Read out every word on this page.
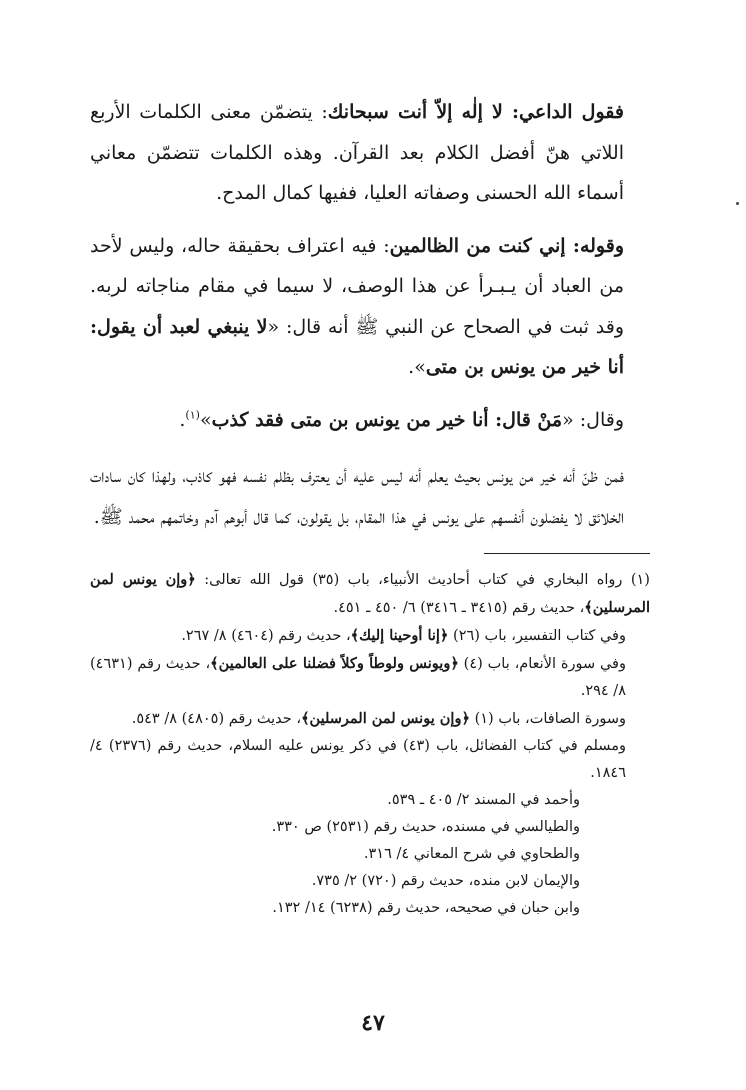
فقول الداعي: لا إلٰه إلاّ أنت سبحانك: يتضمّن معنى الكلمات الأربع اللاتي هنّ أفضل الكلام بعد القرآن. وهذه الكلمات تتضمّن معاني أسماء الله الحسنى وصفاته العليا، ففيها كمال المدح.

وقوله: إني كنت من الظالمين: فيه اعتراف بحقيقة حاله، وليس لأحد من العباد أن يـبـرأ عن هذا الوصف، لا سيما في مقام مناجاته لربه. وقد ثبت في الصحاح عن النبي ﷺ أنه قال: «لا ينبغي لعبد أن يقول: أنا خير من يونس بن متى».

وقال: «مَنْ قال: أنا خير من يونس بن متى فقد كذب»$^{(١)}$.

فمن ظنّ أنه خير من يونس بحيث يعلم أنه ليس عليه أن يعترف بظلم نفسه فهو كاذب، ولهذا كان سادات الخلائق لا يفضلون أنفسهم على يونس في هذا المقام، بل يقولون، كما قال أبوهم آدم وخاتمهم محمد ﷺ.

(١) رواه البخاري في كتاب أحاديث الأنبياء، باب (٣٥) قول الله تعالى: ﴿وإن يونس لمن المرسلين﴾، حديث رقم (٣٤١٥ ـ ٣٤١٦) ٦/ ٤٥٠ ـ ٤٥١.

وفي كتاب التفسير، باب (٢٦) ﴿إنا أوحينا إليك﴾، حديث رقم (٤٦٠٤) ٨/ ٢٦٧.

وفي سورة الأنعام، باب (٤) ﴿ويونس ولوطاً وكلاً فضلنا على العالمين﴾، حديث رقم (٤٦٣١) ٨/ ٢٩٤.

وسورة الصافات، باب (١) ﴿وإن يونس لمن المرسلين﴾، حديث رقم (٤٨٠٥) ٨/ ٥٤٣.

ومسلم في كتاب الفضائل، باب (٤٣) في ذكر يونس عليه السلام، حديث رقم (٢٣٧٦) ٤/ ١٨٤٦.

وأحمد في المسند ٢/ ٤٠٥ ـ ٥٣٩.

والطيالسي في مسنده، حديث رقم (٢٥٣١) ص ٣٣٠.

والطحاوي في شرح المعاني ٤/ ٣١٦.

والإيمان لابن منده، حديث رقم (٧٢٠) ٢/ ٧٣٥.

وابن حبان في صحيحه، حديث رقم (٦٢٣٨) ١٤/ ١٣٢.

٤٧
